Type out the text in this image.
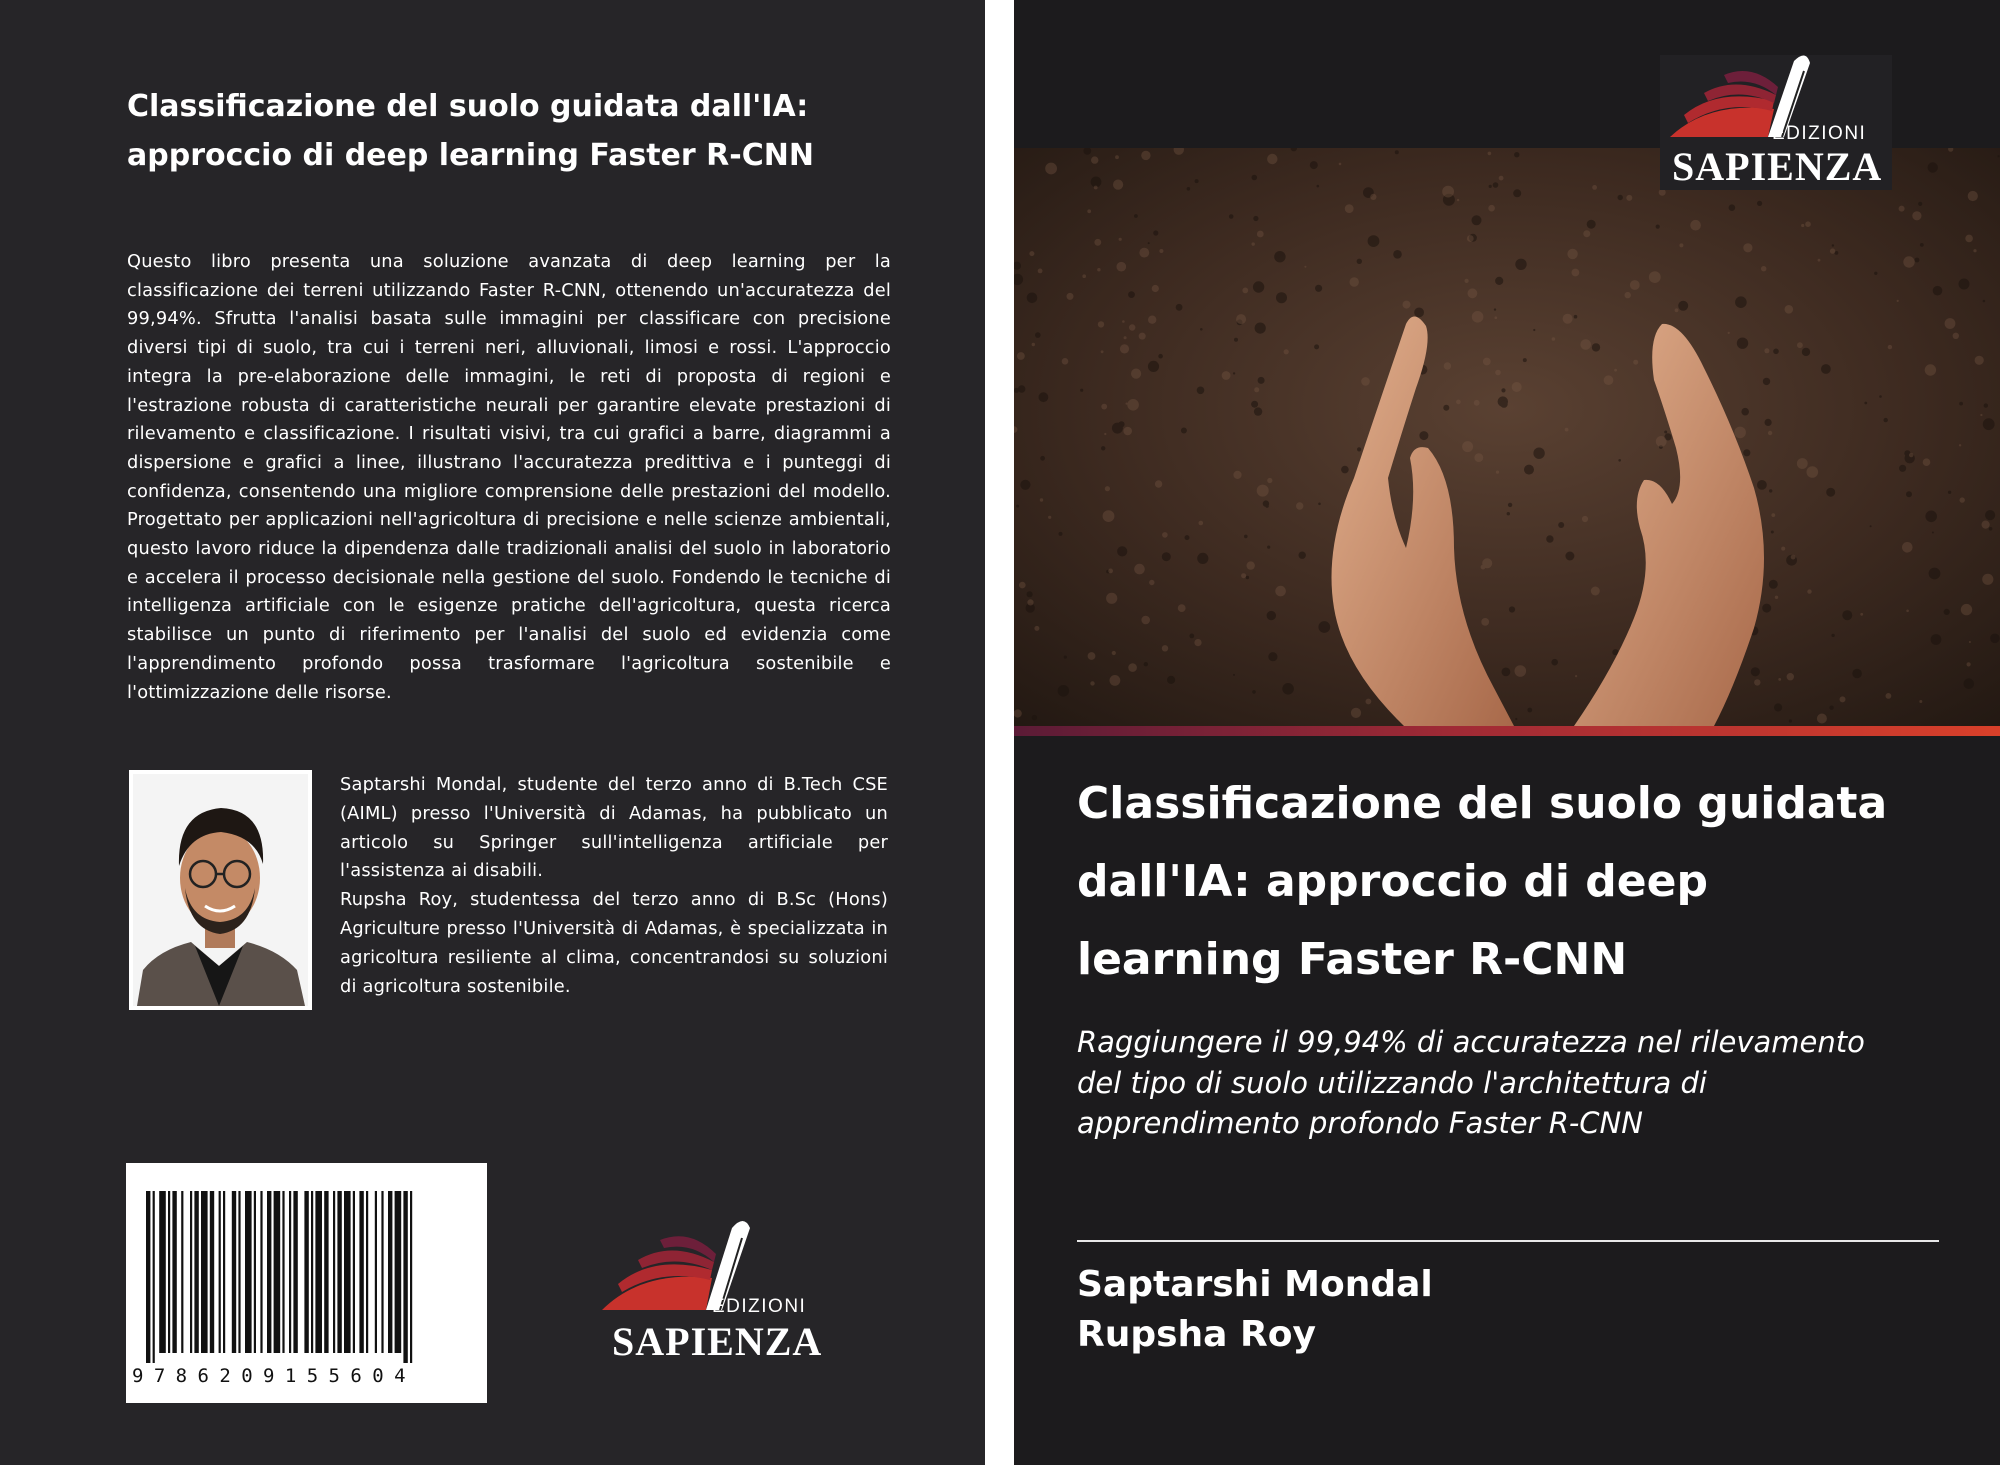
Classificazione del suolo guidata dall'IA: approccio di deep learning Faster R-CNN

Questo libro presenta una soluzione avanzata di deep learning per la classificazione dei terreni utilizzando Faster R-CNN, ottenendo un'accuratezza del 99,94%. Sfrutta l'analisi basata sulle immagini per classificare con precisione diversi tipi di suolo, tra cui i terreni neri, alluvionali, limosi e rossi. L'approccio integra la pre-elaborazione delle immagini, le reti di proposta di regioni e l'estrazione robusta di caratteristiche neurali per garantire elevate prestazioni di rilevamento e classificazione. I risultati visivi, tra cui grafici a barre, diagrammi a dispersione e grafici a linee, illustrano l'accuratezza predittiva e i punteggi di confidenza, consentendo una migliore comprensione delle prestazioni del modello. Progettato per applicazioni nell'agricoltura di precisione e nelle scienze ambientali, questo lavoro riduce la dipendenza dalle tradizionali analisi del suolo in laboratorio e accelera il processo decisionale nella gestione del suolo. Fondendo le tecniche di intelligenza artificiale con le esigenze pratiche dell'agricoltura, questa ricerca stabilisce un punto di riferimento per l'analisi del suolo ed evidenzia come l'apprendimento profondo possa trasformare l'agricoltura sostenibile e l'ottimizzazione delle risorse.

Saptarshi Mondal, studente del terzo anno di B.Tech CSE (AIML) presso l'Università di Adamas, ha pubblicato un articolo su Springer sull'intelligenza artificiale per l'assistenza ai disabili.

Rupsha Roy, studentessa del terzo anno di B.Sc (Hons) Agriculture presso l'Università di Adamas, è specializzata in agricoltura resiliente al clima, concentrandosi su soluzioni di agricoltura sostenibile.

9786209155604
EDIZIONI
SAPIENZA
EDIZIONI
SAPIENZA
Classificazione del suolo guidata dall'IA: approccio di deep learning Faster R-CNN

Raggiungere il 99,94% di accuratezza nel rilevamento del tipo di suolo utilizzando l'architettura di apprendimento profondo Faster R-CNN

Saptarshi Mondal
Rupsha Roy
